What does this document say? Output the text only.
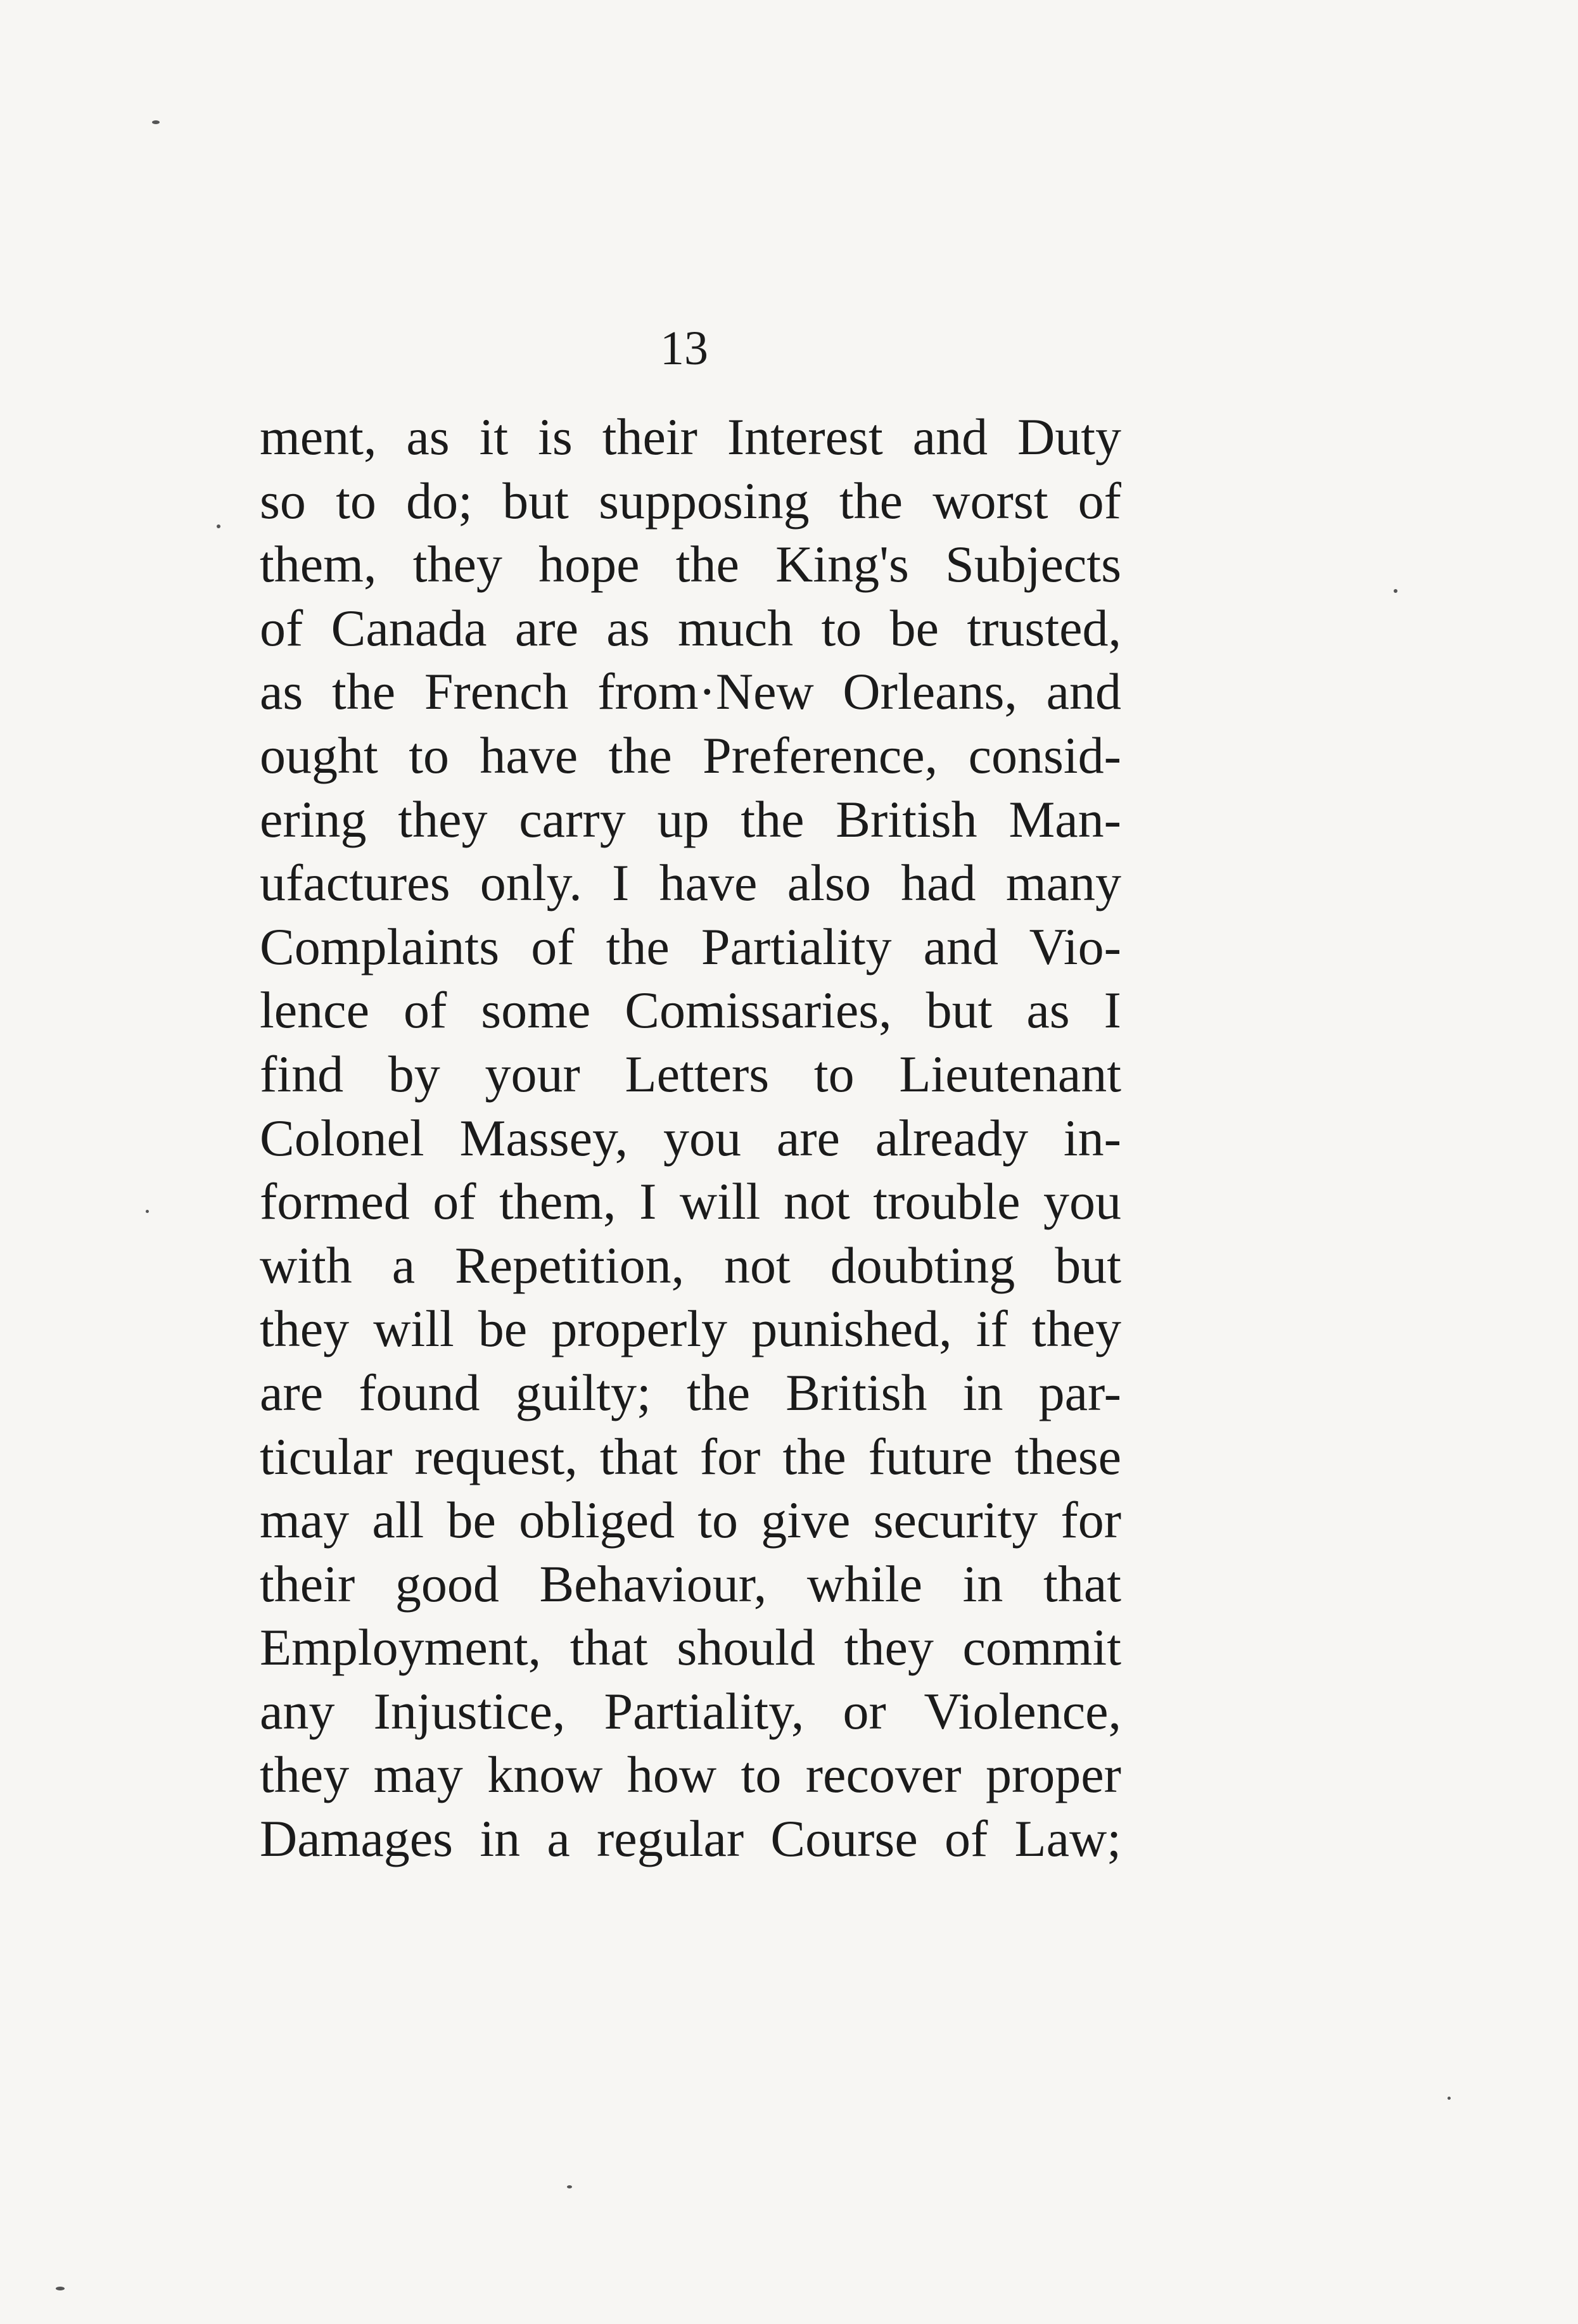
13
ment, as it is their Interest and Duty
so to do; but supposing the worst of
them, they hope the King's Subjects
of Canada are as much to be trusted,
as the French from·New Orleans, and
ought to have the Preference, consid-
ering they carry up the British Man-
ufactures only. I have also had many
Complaints of the Partiality and Vio-
lence of some Comissaries, but as I
find by your Letters to Lieutenant
Colonel Massey, you are already in-
formed of them, I will not trouble you
with a Repetition, not doubting but
they will be properly punished, if they
are found guilty; the British in par-
ticular request, that for the future these
may all be obliged to give security for
their good Behaviour, while in that
Employment, that should they commit
any Injustice, Partiality, or Violence,
they may know how to recover proper
Damages in a regular Course of Law;
